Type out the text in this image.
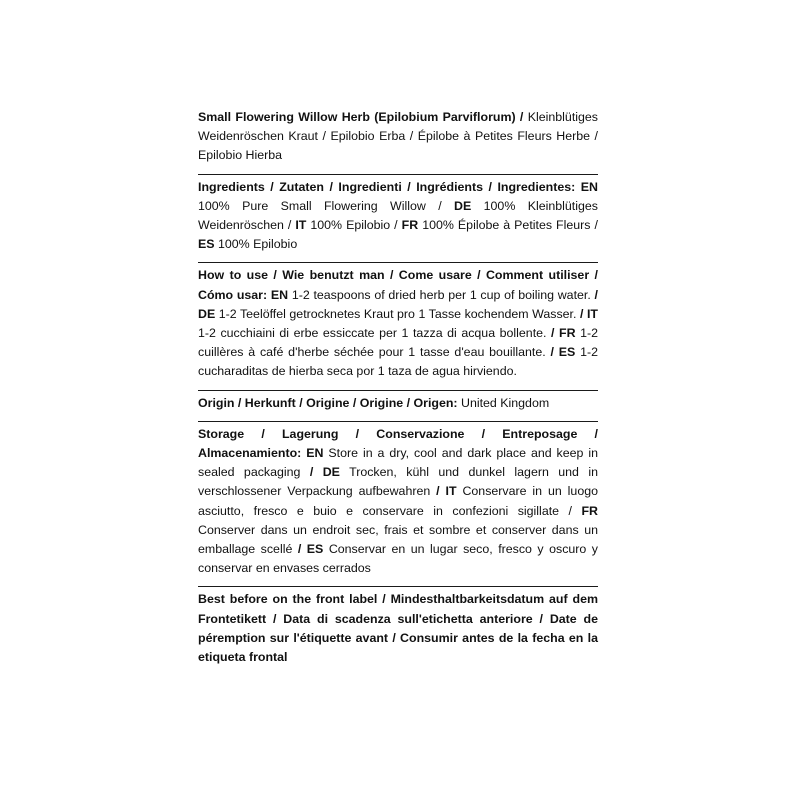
Small Flowering Willow Herb (Epilobium Parviflorum) / Kleinblütiges Weidenröschen Kraut / Epilobio Erba / Épilobe à Petites Fleurs Herbe / Epilobio Hierba
Ingredients / Zutaten / Ingredienti / Ingrédients / Ingredientes: EN 100% Pure Small Flowering Willow / DE 100% Kleinblütiges Weidenröschen / IT 100% Epilobio / FR 100% Épilobe à Petites Fleurs / ES 100% Epilobio
How to use / Wie benutzt man / Come usare / Comment utiliser / Cómo usar: EN 1-2 teaspoons of dried herb per 1 cup of boiling water. / DE 1-2 Teelöffel getrocknetes Kraut pro 1 Tasse kochendem Wasser. / IT 1-2 cucchiaini di erbe essiccate per 1 tazza di acqua bollente. / FR 1-2 cuillères à café d'herbe séchée pour 1 tasse d'eau bouillante. / ES 1-2 cucharaditas de hierba seca por 1 taza de agua hirviendo.
Origin / Herkunft / Origine / Origine / Origen: United Kingdom
Storage / Lagerung / Conservazione / Entreposage / Almacenamiento: EN Store in a dry, cool and dark place and keep in sealed packaging / DE Trocken, kühl und dunkel lagern und in verschlossener Verpackung aufbewahren / IT Conservare in un luogo asciutto, fresco e buio e conservare in confezioni sigillate / FR Conserver dans un endroit sec, frais et sombre et conserver dans un emballage scellé / ES Conservar en un lugar seco, fresco y oscuro y conservar en envases cerrados
Best before on the front label / Mindesthaltbarkeitsdatum auf dem Frontetikett / Data di scadenza sull'etichetta anteriore / Date de péremption sur l'étiquette avant / Consumir antes de la fecha en la etiqueta frontal
